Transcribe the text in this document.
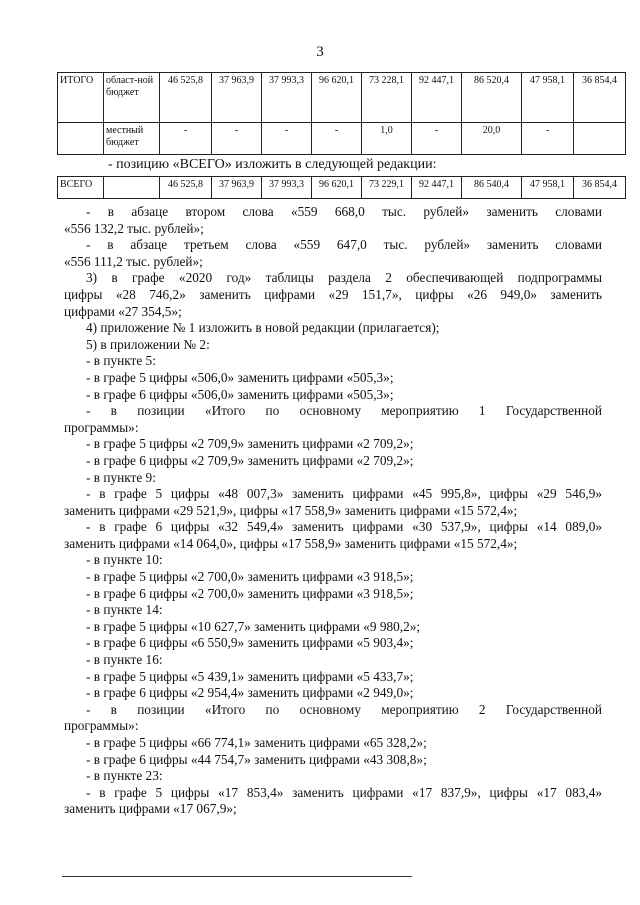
3
ИТОГО	област-ной бюджет	46 525,8	37 963,9	37 993,3	96 620,1	73 228,1	92 447,1	86 520,4	47 958,1	36 854,4
	местный бюджет	-	-	-	-	1,0	-	20,0	-	
- позицию «ВСЕГО» изложить в следующей редакции:
ВСЕГО		46 525,8	37 963,9	37 993,3	96 620,1	73 229,1	92 447,1	86 540,4	47 958,1	36 854,4
- в абзаце втором слова «559 668,0 тыс. рублей» заменить словами
«556 132,2 тыс. рублей»;
- в абзаце третьем слова «559 647,0 тыс. рублей» заменить словами
«556 111,2 тыс. рублей»;
3) в графе «2020 год» таблицы раздела 2 обеспечивающей подпрограммы
цифры «28 746,2» заменить цифрами «29 151,7», цифры «26 949,0» заменить
цифрами «27 354,5»;
4) приложение № 1 изложить в новой редакции (прилагается);
5) в приложении № 2:
- в пункте 5:
- в графе 5 цифры «506,0» заменить цифрами «505,3»;
- в графе 6 цифры «506,0» заменить цифрами «505,3»;
- в позиции «Итого по основному мероприятию 1 Государственной
программы»:
- в графе 5 цифры «2 709,9» заменить цифрами «2 709,2»;
- в графе 6 цифры «2 709,9» заменить цифрами «2 709,2»;
- в пункте 9:
- в графе 5 цифры «48 007,3» заменить цифрами «45 995,8», цифры «29 546,9»
заменить цифрами «29 521,9», цифры «17 558,9» заменить цифрами «15 572,4»;
- в графе 6 цифры «32 549,4» заменить цифрами «30 537,9», цифры «14 089,0»
заменить цифрами «14 064,0», цифры «17 558,9» заменить цифрами «15 572,4»;
- в пункте 10:
- в графе 5 цифры «2 700,0» заменить цифрами «3 918,5»;
- в графе 6 цифры «2 700,0» заменить цифрами «3 918,5»;
- в пункте 14:
- в графе 5 цифры «10 627,7» заменить цифрами «9 980,2»;
- в графе 6 цифры «6 550,9» заменить цифрами «5 903,4»;
- в пункте 16:
- в графе 5 цифры «5 439,1» заменить цифрами «5 433,7»;
- в графе 6 цифры «2 954,4» заменить цифрами «2 949,0»;
- в позиции «Итого по основному мероприятию 2 Государственной
программы»:
- в графе 5 цифры «66 774,1» заменить цифрами «65 328,2»;
- в графе 6 цифры «44 754,7» заменить цифрами «43 308,8»;
- в пункте 23:
- в графе 5 цифры «17 853,4» заменить цифрами «17 837,9», цифры «17 083,4»
заменить цифрами «17 067,9»;
